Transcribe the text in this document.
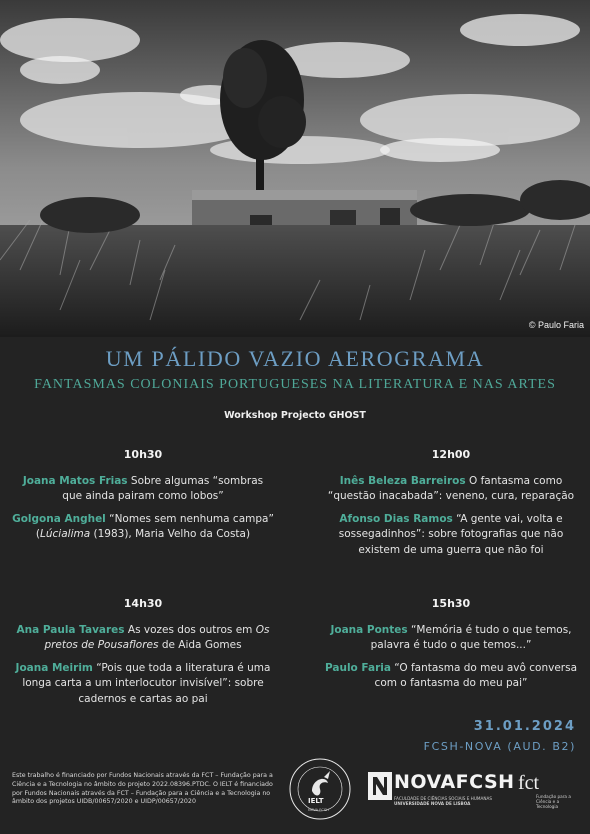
© Paulo Faria
UM PÁLIDO VAZIO AEROGRAMA
FANTASMAS COLONIAIS PORTUGUESES NA LITERATURA E NAS ARTES
Workshop Projecto GHOST
10h30
Joana Matos Frias Sobre algumas “sombras que ainda pairam como lobos”
Golgona Anghel “Nomes sem nenhuma campa” (Lúcialima (1983), Maria Velho da Costa)
12h00
Inês Beleza Barreiros O fantasma como “questão inacabada”: veneno, cura, reparação
Afonso Dias Ramos “A gente vai, volta e sossegadinhos”: sobre fotografias que não existem de uma guerra que não foi
14h30
Ana Paula Tavares As vozes dos outros em Os pretos de Pousaflores de Aida Gomes
Joana Meirim “Pois que toda a literatura é uma longa carta a um interlocutor invisível”: sobre cadernos e cartas ao pai
15h30
Joana Pontes “Memória é tudo o que temos, palavra é tudo o que temos...”
Paulo Faria “O fantasma do meu avô conversa com o fantasma do meu pai”
31.01.2024
FCSH-NOVA (AUD. B2)
Este trabalho é financiado por Fundos Nacionais através da FCT – Fundação para a Ciência e a Tecnologia no âmbito do projeto 2022.08396.PTDC. O IELT é financiado por Fundos Nacionais através da FCT – Fundação para a Ciência e a Tecnologia no âmbito dos projetos UIDB/00657/2020 e UIDP/00657/2020	IELT
NOVA FCSH
NOVAFCSH
FACULDADE DE CIÊNCIAS SOCIAIS E HUMANAS
UNIVERSIDADE NOVA DE LISBOA
fct
Fundação para a Ciência e a Tecnologia
